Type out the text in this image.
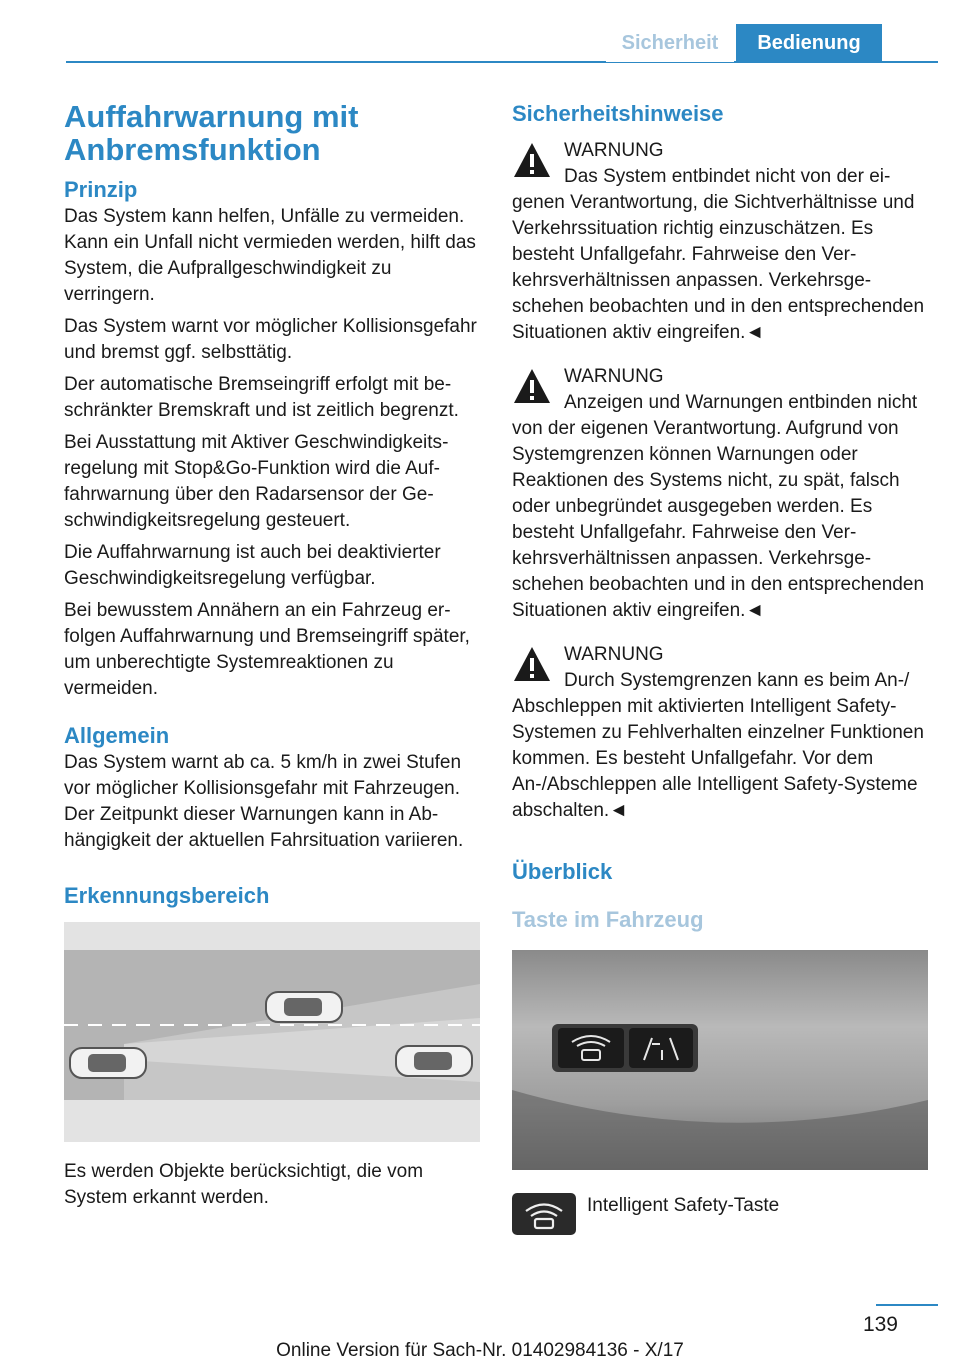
Sicherheit	Bedienung
Auffahrwarnung mit Anbremsfunktion
Prinzip

Das System kann helfen, Unfälle zu vermeiden. Kann ein Unfall nicht vermieden werden, hilft das System, die Aufprallgeschwindigkeit zu verringern.

Das System warnt vor möglicher Kollisionsgefahr und bremst ggf. selbsttätig.

Der automatische Bremseingriff erfolgt mit beschränkter Bremskraft und ist zeitlich begrenzt.

Bei Ausstattung mit Aktiver Geschwindigkeitsregelung mit Stop&Go-Funktion wird die Auffahrwarnung über den Radarsensor der Geschwindigkeitsregelung gesteuert.

Die Auffahrwarnung ist auch bei deaktivierter Geschwindigkeitsregelung verfügbar.

Bei bewusstem Annähern an ein Fahrzeug erfolgen Auffahrwarnung und Bremseingriff später, um unberechtigte Systemreaktionen zu vermeiden.

Allgemein

Das System warnt ab ca. 5 km/h in zwei Stufen vor möglicher Kollisionsgefahr mit Fahrzeugen. Der Zeitpunkt dieser Warnungen kann in Abhängigkeit der aktuellen Fahrsituation variieren.

Erkennungsbereich

Es werden Objekte berücksichtigt, die vom System erkannt werden.

Sicherheitshinweise
WARNUNG
Das System entbindet nicht von der eigenen Verantwortung, die Sichtverhältnisse und Verkehrssituation richtig einzuschätzen. Es besteht Unfallgefahr. Fahrweise den Verkehrsverhältnissen anpassen. Verkehrsgeschehen beobachten und in den entsprechenden Situationen aktiv eingreifen.◄
WARNUNG
Anzeigen und Warnungen entbinden nicht von der eigenen Verantwortung. Aufgrund von Systemgrenzen können Warnungen oder Reaktionen des Systems nicht, zu spät, falsch oder unbegründet ausgegeben werden. Es besteht Unfallgefahr. Fahrweise den Verkehrsverhältnissen anpassen. Verkehrsgeschehen beobachten und in den entsprechenden Situationen aktiv eingreifen.◄
WARNUNG
Durch Systemgrenzen kann es beim An-/ Abschleppen mit aktivierten Intelligent Safety-Systemen zu Fehlverhalten einzelner Funktionen kommen. Es besteht Unfallgefahr. Vor dem An-/Abschleppen alle Intelligent Safety-Systeme abschalten.◄
Überblick
Taste im Fahrzeug
Intelligent Safety-Taste
139
Online Version für Sach-Nr. 01402984136 - X/17
